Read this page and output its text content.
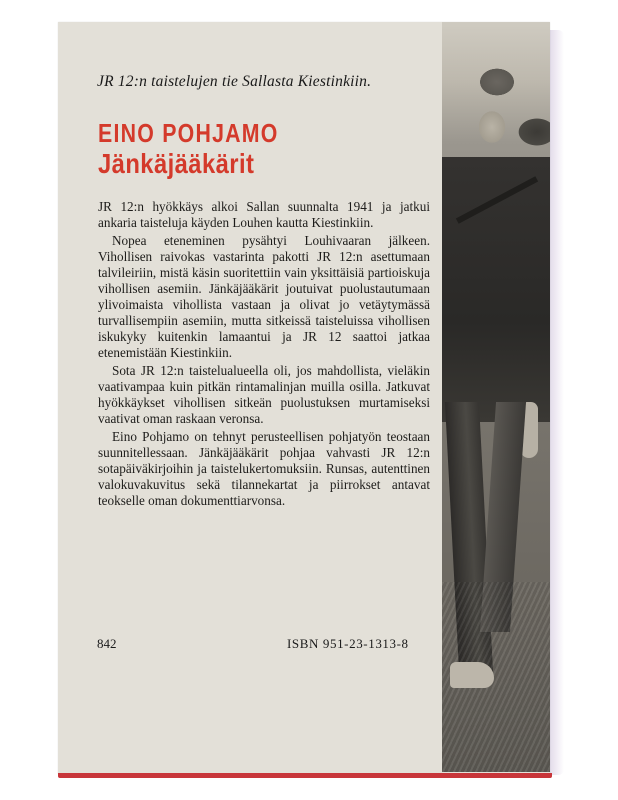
JR 12:n taistelujen tie Sallasta Kiestinkiin.
EINO POHJAMO
Jänkäjääkärit

JR 12:n hyökkäys alkoi Sallan suunnalta 1941 ja jatkui ankaria taisteluja käyden Louhen kautta Kiestinkiin.

Nopea eteneminen pysähtyi Louhivaaran jälkeen. Vihollisen raivokas vastarinta pakotti JR 12:n asettumaan talvileiriin, mistä käsin suoritettiin vain yksittäisiä partioiskuja vihollisen asemiin. Jänkäjääkärit joutuivat puolustautumaan ylivoimaista vihollista vastaan ja olivat jo vetäytymässä turvallisempiin asemiin, mutta sitkeissä taisteluissa vihollisen iskukyky kuitenkin lamaantui ja JR 12 saattoi jatkaa etenemistään Kiestinkiin.

Sota JR 12:n taistelualueella oli, jos mahdollista, vieläkin vaativampaa kuin pitkän rintamalinjan muilla osilla. Jatkuvat hyökkäykset vihollisen sitkeän puolustuksen murtamiseksi vaativat oman raskaan veronsa.

Eino Pohjamo on tehnyt perusteellisen pohjatyön teostaan suunnitellessaan. Jänkäjääkärit pohjaa vahvasti JR 12:n sotapäiväkirjoihin ja taistelukertomuksiin. Runsas, autenttinen valokuvakuvitus sekä tilannekartat ja piirrokset antavat teokselle oman dokumenttiarvonsa.

842	ISBN 951-23-1313-8
